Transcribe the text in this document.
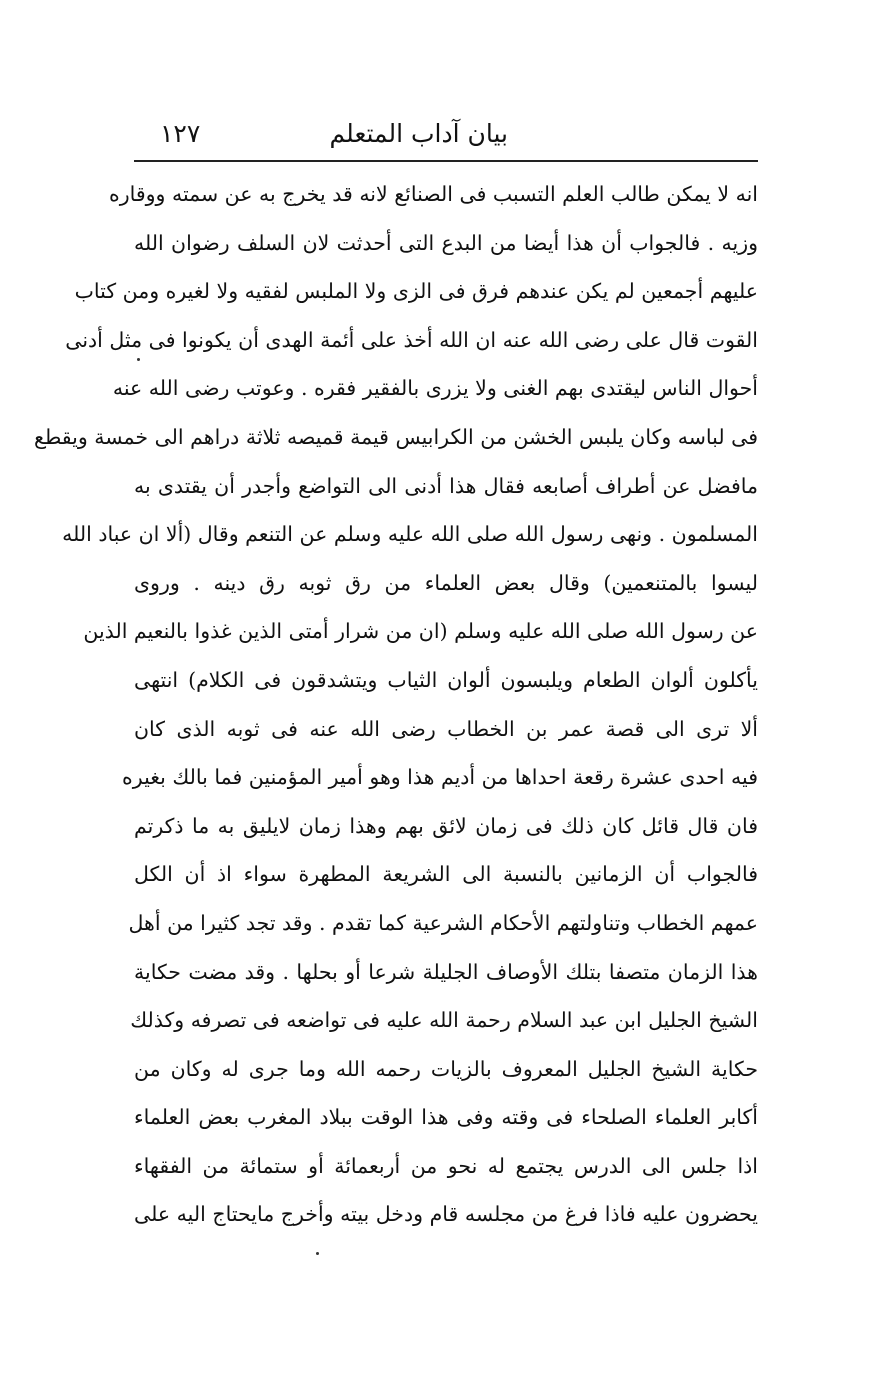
بيان آداب المتعلم
١٢٧
انه لا يمكن طالب العلم التسبب فى الصنائع لانه قد يخرج به عن سمته ووقاره
وزيه . فالجواب أن هذا أيضا من البدع التى أحدثت لان السلف رضوان الله
عليهم أجمعين لم يكن عندهم فرق فى الزى ولا الملبس لفقيه ولا لغيره ومن كتاب
القوت قال على رضى الله عنه ان الله أخذ على أئمة الهدى أن يكونوا فى مثل أدنى
أحوال الناس ليقتدى بهم الغنى ولا يزرى بالفقير فقره . وعوتب رضى الله عنه
فى لباسه وكان يلبس الخشن من الكرابيس قيمة قميصه ثلاثة دراهم الى خمسة ويقطع
مافضل عن أطراف أصابعه فقال هذا أدنى الى التواضع وأجدر أن يقتدى به
المسلمون . ونهى رسول الله صلى الله عليه وسلم عن التنعم وقال (ألا ان عباد الله
ليسوا بالمتنعمين) وقال بعض العلماء من رق ثوبه رق دينه . وروى
عن رسول الله صلى الله عليه وسلم (ان من شرار أمتى الذين غذوا بالنعيم الذين
يأكلون ألوان الطعام ويلبسون ألوان الثياب ويتشدقون فى الكلام) انتهى
ألا ترى الى قصة عمر بن الخطاب رضى الله عنه فى ثوبه الذى كان
فيه احدى عشرة رقعة احداها من أديم هذا وهو أمير المؤمنين فما بالك بغيره
فان قال قائل كان ذلك فى زمان لائق بهم وهذا زمان لايليق به ما ذكرتم
فالجواب أن الزمانين بالنسبة الى الشريعة المطهرة سواء اذ أن الكل
عمهم الخطاب وتناولتهم الأحكام الشرعية كما تقدم . وقد تجد كثيرا من أهل
هذا الزمان متصفا بتلك الأوصاف الجليلة شرعا أو بحلها . وقد مضت حكاية
الشيخ الجليل ابن عبد السلام رحمة الله عليه فى تواضعه فى تصرفه وكذلك
حكاية الشيخ الجليل المعروف بالزيات رحمه الله وما جرى له وكان من
أكابر العلماء الصلحاء فى وقته وفى هذا الوقت ببلاد المغرب بعض العلماء
اذا جلس الى الدرس يجتمع له نحو من أربعمائة أو ستمائة من الفقهاء
يحضرون عليه فاذا فرغ من مجلسه قام ودخل بيته وأخرج مايحتاج اليه على
